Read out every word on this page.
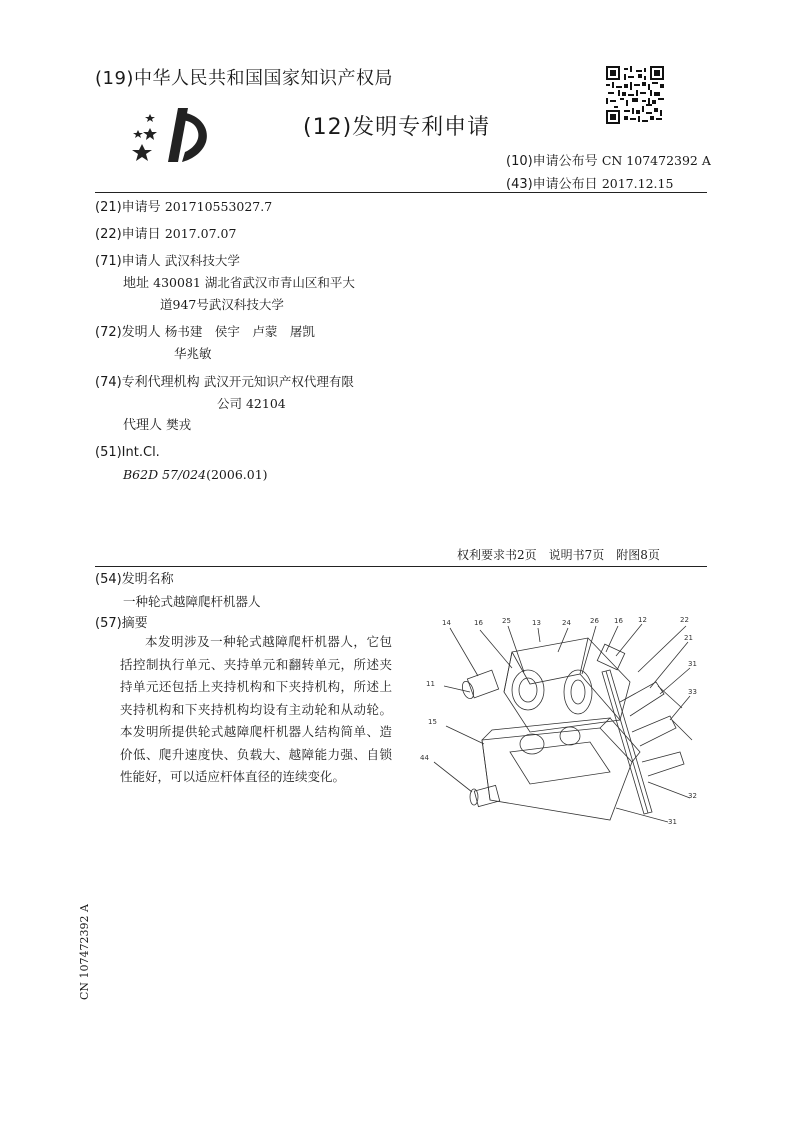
(19)中华人民共和国国家知识产权局
(12)发明专利申请
(10)申请公布号 CN 107472392 A
(43)申请公布日 2017.12.15
(21)申请号 201710553027.7
(22)申请日 2017.07.07
(71)申请人 武汉科技大学
地址 430081 湖北省武汉市青山区和平大
道947号武汉科技大学
(72)发明人 杨书建　侯宇　卢蒙　屠凯
华兆敏
(74)专利代理机构 武汉开元知识产权代理有限
公司 42104
代理人 樊戎
(51)Int.Cl.
B62D 57/024(2006.01)
权利要求书2页　说明书7页　附图8页
(54)发明名称
一种轮式越障爬杆机器人
(57)摘要
本发明涉及一种轮式越障爬杆机器人，它包括控制执行单元、夹持单元和翻转单元，所述夹持单元还包括上夹持机构和下夹持机构，所述上夹持机构和下夹持机构均设有主动轮和从动轮。本发明所提供轮式越障爬杆机器人结构简单、造价低、爬升速度快、负载大、越障能力强、自锁性能好，可以适应杆体直径的连续变化。
14	16	25	13	24	26 16 12	22
21
11
31
15
33
44
32
31
CN 107472392 A
